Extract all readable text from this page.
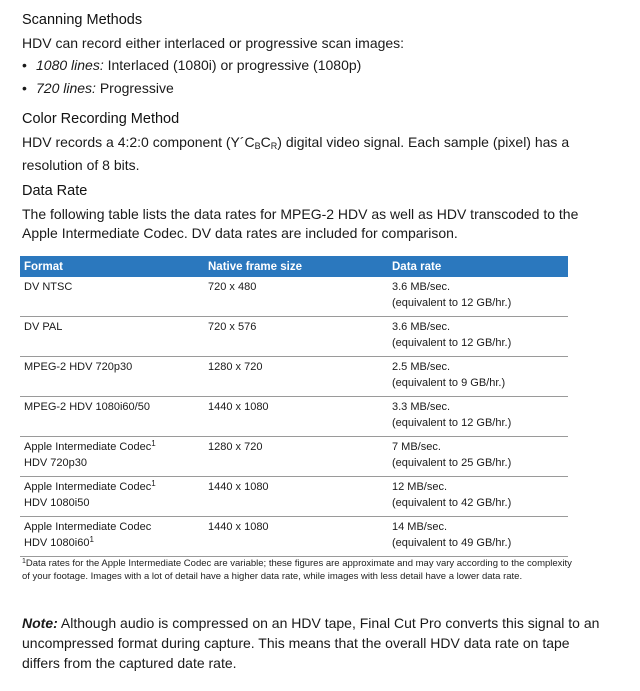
Scanning Methods

HDV can record either interlaced or progressive scan images:

• 1080 lines: Interlaced (1080i) or progressive (1080p)

• 720 lines: Progressive

Color Recording Method

HDV records a 4:2:0 component $(Y´C_BC_R)$ digital video signal. Each sample (pixel) has a resolution of 8 bits.

Data Rate

The following table lists the data rates for MPEG-2 HDV as well as HDV transcoded to the Apple Intermediate Codec. DV data rates are included for comparison.

Format	Native frame size	Data rate

DV NTSC	720 x 480	3.6 MB/sec.
(equivalent to 12 GB/hr.)

DV PAL	720 x 576	3.6 MB/sec.
(equivalent to 12 GB/hr.)

MPEG-2 HDV 720p30	1280 x 720	2.5 MB/sec.
(equivalent to 9 GB/hr.)

MPEG-2 HDV 1080i60/50	1440 x 1080	3.3 MB/sec.
(equivalent to 12 GB/hr.)

Apple Intermediate Codec$^1$
HDV 720p30	1280 x 720	7 MB/sec.
(equivalent to 25 GB/hr.)

Apple Intermediate Codec$^1$
HDV 1080i50	1440 x 1080	12 MB/sec.
(equivalent to 42 GB/hr.)

Apple Intermediate Codec
HDV $1080i60^1$	1440 x 1080	14 MB/sec.
(equivalent to 49 GB/hr.)

$^1$Data rates for the Apple Intermediate Codec are variable; these figures are approximate and may vary according to the complexity of your footage. Images with a lot of detail have a higher data rate, while images with less detail have a lower data rate.

Note: Although audio is compressed on an HDV tape, Final Cut Pro converts this signal to an uncompressed format during capture. This means that the overall HDV data rate on tape differs from the captured date rate.
